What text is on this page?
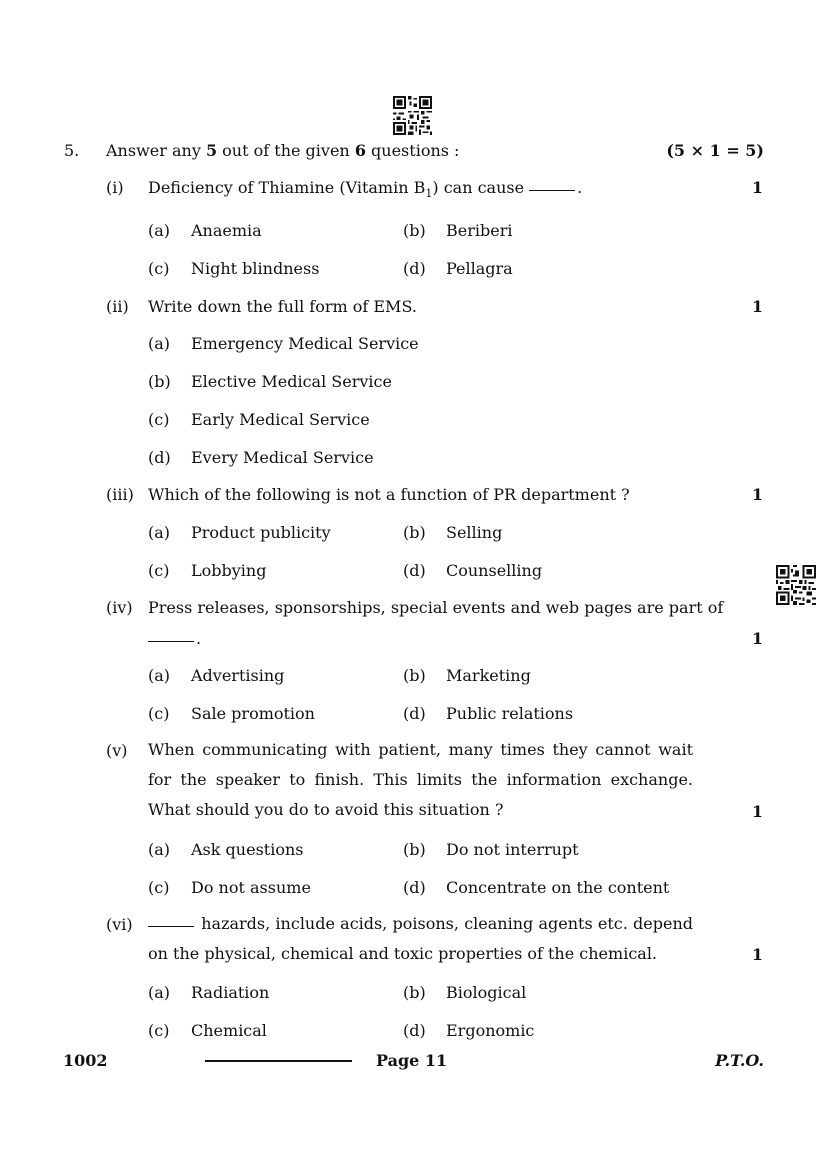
5. Answer any 5 out of the given 6 questions :	(5 × 1 = 5)
(i) Deficiency of Thiamine (Vitamin $B_1$) can cause	.	1
(a) Anaemia	(b) Beriberi
(c) Night blindness	(d) Pellagra
(ii) Write down the full form of EMS.	1
(a) Emergency Medical Service
(b) Elective Medical Service
(c) Early Medical Service
(d) Every Medical Service
(iii) Which of the following is not a function of PR department ?	1
(a) Product publicity	(b) Selling
(c) Lobbying	(d) Counselling
(iv) Press releases, sponsorships, special events and web pages are part of
.	1
(a) Advertising	(b) Marketing
(c) Sale promotion	(d) Public relations
(v) When communicating with patient, many times they cannot wait for the speaker to finish. This limits the information exchange. What should you do to avoid this situation ?	1
(a) Ask questions	(b) Do not interrupt
(c) Do not assume	(d) Concentrate on the content
(vi)	hazards, include acids, poisons, cleaning agents etc. depend on the physical, chemical and toxic properties of the chemical.	1
(a) Radiation	(b) Biological
(c) Chemical	(d) Ergonomic
1002	Page 11	P.T.O.
